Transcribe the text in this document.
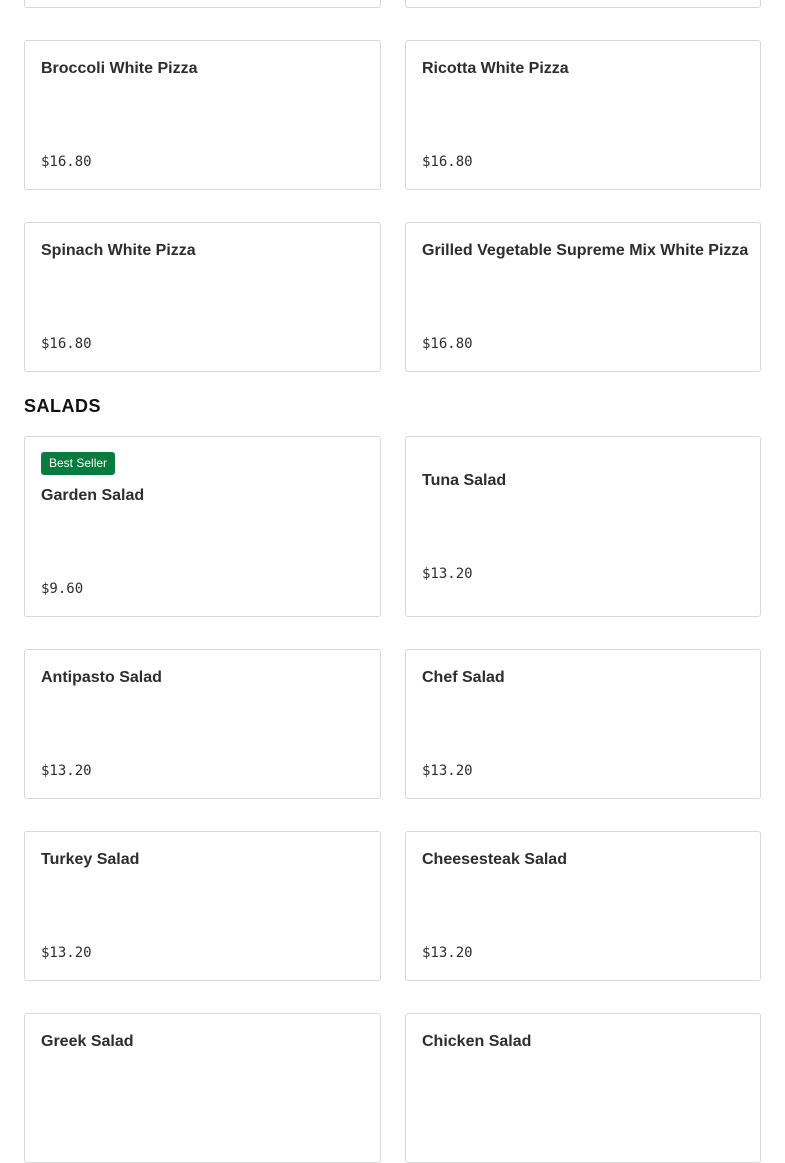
Broccoli White Pizza
$16.80
Ricotta White Pizza
$16.80
Spinach White Pizza
$16.80
Grilled Vegetable Supreme Mix White Pizza
$16.80
SALADS
Best Seller
Garden Salad
$9.60
Tuna Salad
$13.20
Antipasto Salad
$13.20
Chef Salad
$13.20
Turkey Salad
$13.20
Cheesesteak Salad
$13.20
Greek Salad	Chicken Salad
